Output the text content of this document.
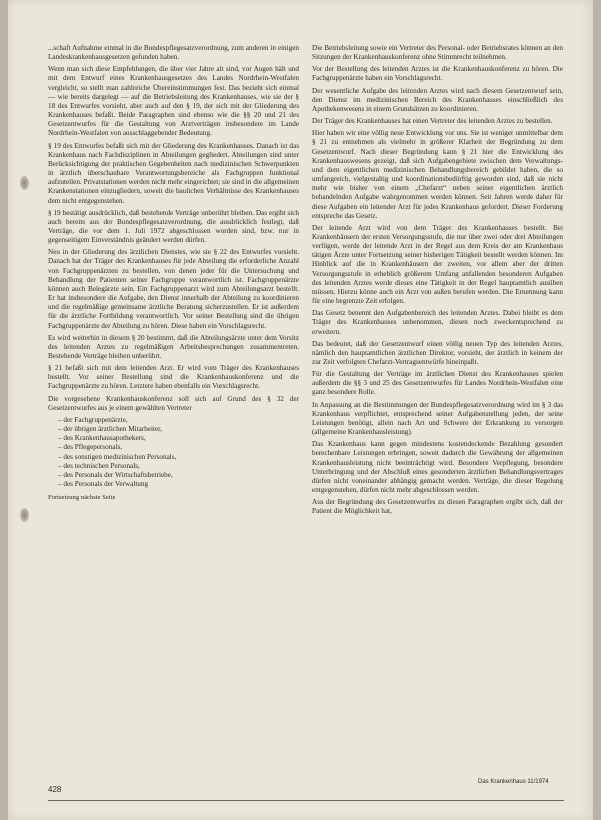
...schaft Aufnahme einmal in die Bundespflegesatzverordnung, zum anderen in einigen Landeskrankenhausgesetzen gefunden haben.

Wenn man sich diese Empfehlungen, die über vier Jahre alt sind, vor Augen hält und mit dem Entwurf eines Krankenhausgesetzes des Landes Nordrhein-Westfalen vergleicht, so stellt man zahlreiche Übereinstimmungen fest. Das bezieht sich einmal — wie bereits dargelegt — auf die Betriebsleitung des Krankenhauses, wie sie der § 18 des Entwurfes vorsieht, aber auch auf den § 19, der sich mit der Gliederung des Krankenhauses befaßt. Beide Paragraphen sind ebenso wie die §§ 20 und 21 des Gesetzentwurfes für die Gestaltung von Arztverträgen insbesondere im Lande Nordrhein-Westfalen von ausschlaggebender Bedeutung.

§ 19 des Entwurfes befaßt sich mit der Gliederung des Krankenhauses. Danach ist das Krankenhaus nach Fachdisziplinen in Abteilungen gegliedert. Abteilungen sind unter Berücksichtigung der praktischen Gegebenheiten nach medizinischen Schwerpunkten in ärztlich überschaubare Verantwortungsbereiche als Fachgruppen funktional aufzuteilen. Privatstationen werden nicht mehr eingerichtet; sie sind in die allgemeinen Krankenstationen einzugliedern, soweit die baulichen Verhältnisse des Krankenhauses dem nicht entgegenstehen.

§ 19 bestätigt ausdrücklich, daß bestehende Verträge unberührt bleiben. Das ergibt sich auch bereits aus der Bundespflegesatzverordnung, die ausdrücklich festlegt, daß Verträge, die vor dem 1. Juli 1972 abgeschlossen worden sind, bzw. nur in gegenseitigem Einverständnis geändert werden dürfen.

Neu in der Gliederung des ärztlichen Dienstes, wie sie § 22 des Entwurfes vorsieht. Danach hat der Träger des Krankenhauses für jede Abteilung die erforderliche Anzahl von Fachgruppenärzten zu bestellen, von denen jeder für die Untersuchung und Behandlung der Patienten seiner Fachgruppe verantwortlich ist. Fachgruppenärzte können auch Belegärzte sein. Ein Fachgruppenarzt wird zum Abteilungsarzt bestellt. Er hat insbesondere die Aufgabe, den Dienst innerhalb der Abteilung zu koordinieren und die regelmäßige gemeinsame ärztliche Beratung sicherzustellen. Er ist außerdem für die ärztliche Fortbildung verantwortlich. Vor seiner Bestellung sind die übrigen Fachgruppenärzte der Abteilung zu hören. Diese haben ein Vorschlagsrecht.

Es wird weiterhin in diesem § 20 bestimmt, daß die Abteilungsärzte unter dem Vorsitz des leitenden Arztes zu regelmäßigen Arbeitsbesprechungen zusammentreten. Bestehende Verträge bleiben unberührt.

§ 21 befaßt sich mit dem leitenden Arzt. Er wird vom Träger des Krankenhauses bestellt. Vor seiner Bestellung sind die Krankenhauskonferenz und die Fachgruppenärzte zu hören. Letztere haben ebenfalls ein Vorschlagsrecht.

Die vorgesehene Krankenhauskonferenz soll sich auf Grund des § 32 der Gesetzentwurfes aus je einem gewählten Vertreter

– der Fachgruppenärzte,
– der übrigen ärztlichen Mitarbeiter,
– des Krankenhausapothekers,
– des Pflegepersonals,
– des sonstigen medizinischen Personals,
– des technischen Personals,
– des Personals der Wirtschaftsbetriebe,
– des Personals der Verwaltung
Fortsetzung nächste Seite

Die Betriebsleitung sowie ein Vertreter des Personal- oder Betriebsrates können an den Sitzungen der Krankenhauskonferenz ohne Stimmrecht teilnehmen.

Vor der Bestellung des leitenden Arztes ist die Krankenhauskonferenz zu hören. Die Fachgruppenärzte haben ein Vorschlagsrecht.

Der wesentliche Aufgabe des leitenden Arztes wird nach diesem Gesetzentwurf sein, den Dienst im medizinischen Bereich des Krankenhauses einschließlich des Apothekenwesens in einem Grundsätzen zu koordinieren.

Der Träger des Krankenhauses hat einen Vertreter des leitenden Arztes zu bestellen.

Hier haben wir eine völlig neue Entwicklung vor uns. Sie ist weniger unmittelbar dem § 21 zu entnehmen als vielmehr in größerer Klarheit der Begründung zu dem Gesetzentwurf. Nach dieser Begründung kann § 21 hier die Entwicklung des Krankenhauswesens gezeigt, daß sich Aufgabengebiete zwischen dem Verwaltungs- und dem eigentlichen medizinischen Behandlungsbereich gebildet haben, die so umfangreich, vielgestaltig und koordinationsbedürftig geworden sind, daß sie nicht mehr wie bisher von einem „Chefarzt“ neben seiner eigentlichen ärztlich behandelnden Aufgabe wahrgenommen werden können. Seit Jahren werde daher für diese Aufgaben ein leitender Arzt für jedes Krankenhaus gefordert. Dieser Forderung entspreche das Gesetz.

Der leitende Arzt wird von dem Träger des Krankenhauses bestellt. Bei Krankenhäusern der ersten Versorgungsstufe, die nur über zwei oder drei Abteilungen verfügen, werde der leitende Arzt in der Regel aus dem Kreis der am Krankenhaus tätigen Ärzte unter Fortsetzung seiner bisherigen Tätigkeit bestellt werden können. Im Hinblick auf die in Krankenhäusern der zweiten, vor allem aber der dritten Versorgungsstufe in erheblich größerem Umfang anfallenden besonderen Aufgaben des leitenden Arztes werde dieses eine Tätigkeit in der Regel hauptamtlich ausüben müssen. Hierzu könne auch ein Arzt von außen berufen werden. Die Ernennung kann für eine begrenzte Zeit erfolgen.

Das Gesetz benennt den Aufgabenbereich des leitenden Arztes. Dabei bleibt es dem Träger des Krankenhauses unbenommen, diesen noch zweckentsprechend zu erweitern.

Das bedeutet, daß der Gesetzentwurf einen völlig neuen Typ des leitenden Arztes, nämlich den hauptamtlichen ärztlichen Direktor, vorsieht, der ärztlich in keinem der zur Zeit verfolgten Chefarzt-Vertragsentwürfe hineinpaßt.

Für die Gestaltung der Verträge im ärztlichen Dienst des Krankenhauses spielen außerdem die §§ 3 und 25 des Gesetzentwurfes für Landes Nordrhein-Westfalen eine ganz besondere Rolle.

In Anpassung an die Bestimmungen der Bundespflegesatzverordnung wird im § 3 das Krankenhaus verpflichtet, entsprechend seiner Aufgabenstellung jeden, der seine Leistungen benötigt, allein nach Art und Schwere der Erkrankung zu versorgen (allgemeine Krankenhausleistung).

Das Krankenhaus kann gegen mindestens kostendeckende Bezahlung gesondert berechenbare Leistungen erbringen, soweit dadurch die Gewährung der allgemeinen Krankenhausleistung nicht beeinträchtigt wird. Besondere Verpflegung, besondere Unterbringung und der Abschluß eines gesonderten ärztlichen Behandlungsvertrages dürfen nicht voneinander abhängig gemacht werden. Verträge, die dieser Regelung entgegenstehen, dürfen nicht mehr abgeschlossen werden.

Aus der Begründung des Gesetzentwurfes zu diesen Paragraphen ergibt sich, daß der Patient die Möglichkeit hat,

Das Krankenhaus 11/1974
428
